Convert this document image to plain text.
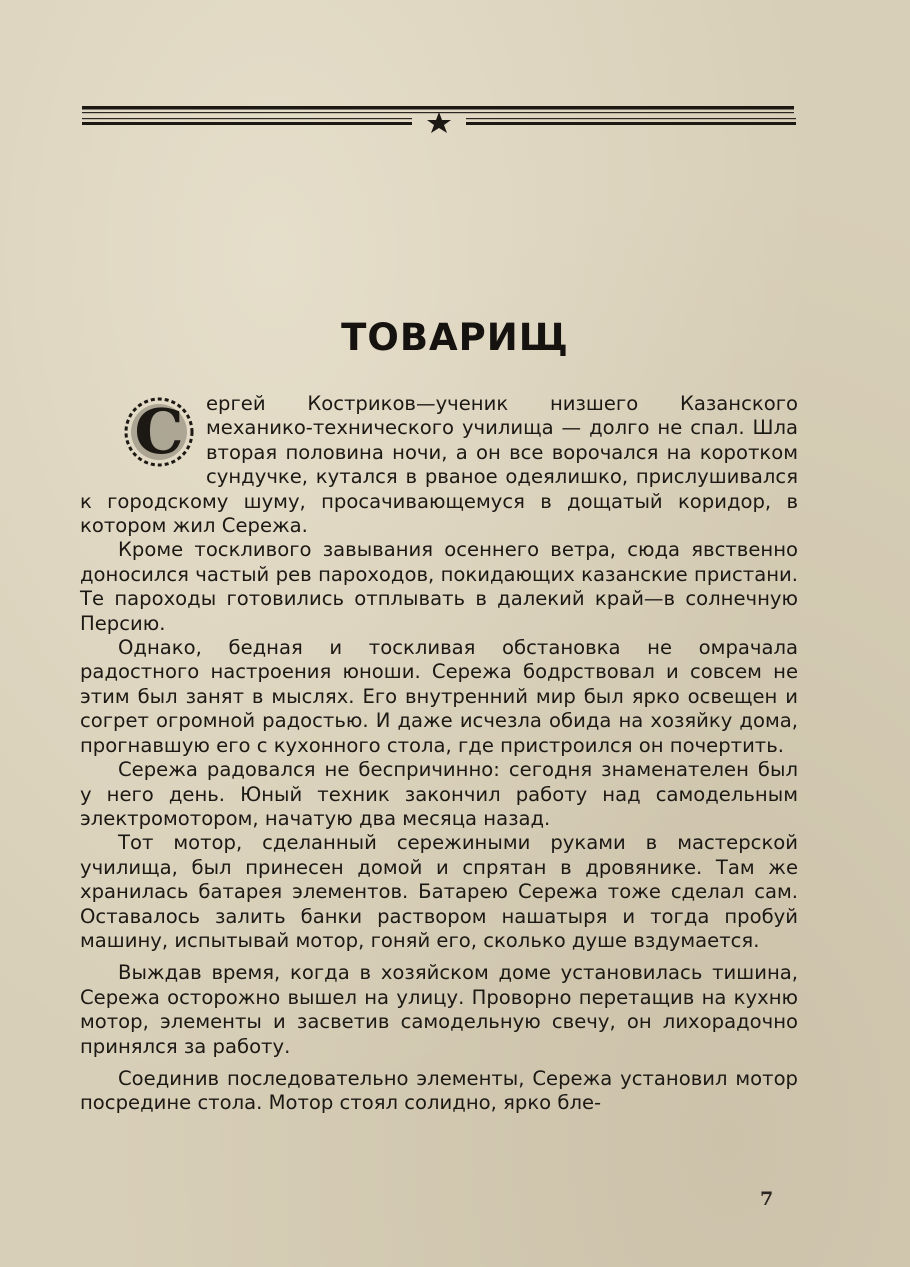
ТОВАРИЩ
С	ергей Костриков—ученик низшего Казанского механико-технического училища — долго не спал. Шла вторая половина ночи, а он все ворочался на коротком сундучке, кутался в рваное одеялишко, прислушивался к городскому шуму, просачивающемуся в дощатый коридор, в котором жил Сережа.

Кроме тоскливого завывания осеннего ветра, сюда явственно доносился частый рев пароходов, покидающих казанские пристани. Те пароходы готовились отплывать в далекий край—в солнечную Персию.

Однако, бедная и тоскливая обстановка не омрачала радостного настроения юноши. Сережа бодрствовал и совсем не этим был занят в мыслях. Его внутренний мир был ярко освещен и согрет огромной радостью. И даже исчезла обида на хозяйку дома, прогнавшую его с кухонного стола, где пристроился он почертить.

Сережа радовался не беспричинно: сегодня знаменателен был у него день. Юный техник закончил работу над самодельным электромотором, начатую два месяца назад.

Тот мотор, сделанный сережиными руками в мастерской училища, был принесен домой и спрятан в дровянике. Там же хранилась батарея элементов. Батарею Сережа тоже сделал сам. Оставалось залить банки раствором нашатыря и тогда пробуй машину, испытывай мотор, гоняй его, сколько душе вздумается.

Выждав время, когда в хозяйском доме установилась тишина, Сережа осторожно вышел на улицу. Проворно перетащив на кухню мотор, элементы и засветив самодельную свечу, он лихорадочно принялся за работу.

Соединив последовательно элементы, Сережа установил мотор посредине стола. Мотор стоял солидно, ярко бле-

7
